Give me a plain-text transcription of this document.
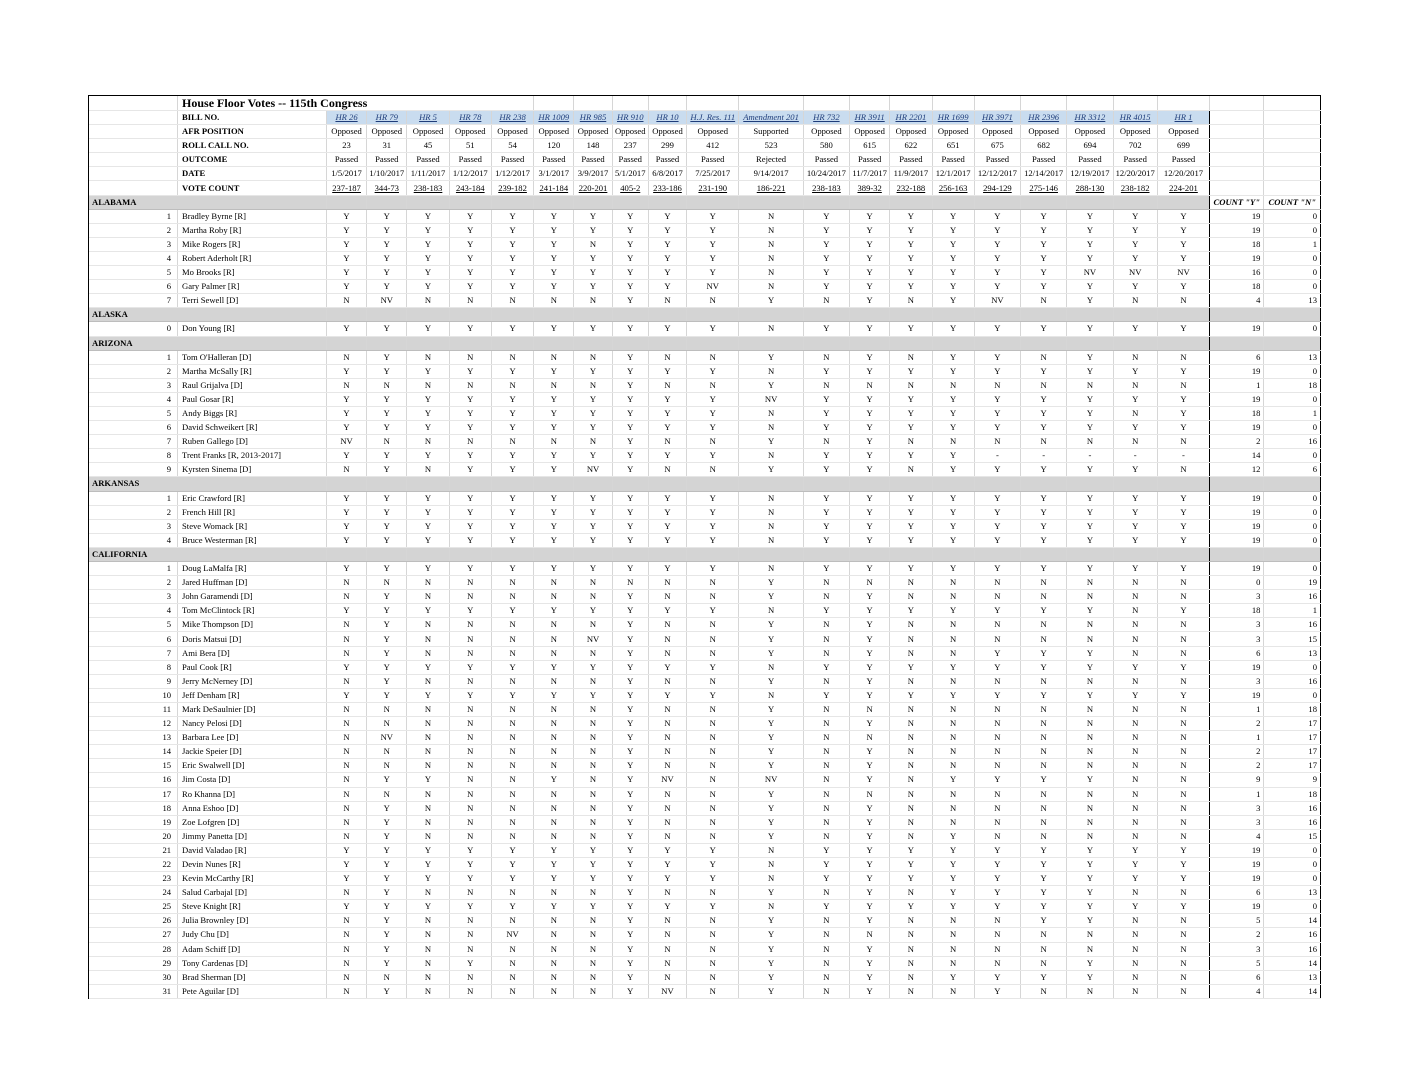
	House Floor Votes -- 115th Congress																						
	BILL NO.	HR 26	HR 79	HR 5	HR 78	HR 238	HR 1009	HR 985	HR 910	HR 10	H.J. Res. 111	Amendment 201	HR 732	HR 3911	HR 2201	HR 1699	HR 3971	HR 2396	HR 3312	HR 4015	HR 1		
	AFR POSITION	Opposed	Opposed	Opposed	Opposed	Opposed	Opposed	Opposed	Opposed	Opposed	Opposed	Supported	Opposed	Opposed	Opposed	Opposed	Opposed	Opposed	Opposed	Opposed	Opposed		
	ROLL CALL NO.	23	31	45	51	54	120	148	237	299	412	523	580	615	622	651	675	682	694	702	699		
	OUTCOME	Passed	Passed	Passed	Passed	Passed	Passed	Passed	Passed	Passed	Passed	Rejected	Passed	Passed	Passed	Passed	Passed	Passed	Passed	Passed	Passed		
	DATE	1/5/2017	1/10/2017	1/11/2017	1/12/2017	1/12/2017	3/1/2017	3/9/2017	5/1/2017	6/8/2017	7/25/2017	9/14/2017	10/24/2017	11/7/2017	11/9/2017	12/1/2017	12/12/2017	12/14/2017	12/19/2017	12/20/2017	12/20/2017		
	VOTE COUNT	237-187	344-73	238-183	243-184	239-182	241-184	220-201	405-2	233-186	231-190	186-221	238-183	389-32	232-188	256-163	294-129	275-146	288-130	238-182	224-201		
ALABAMA																						COUNT "Y"	COUNT "N"
1	Bradley Byrne [R]	Y	Y	Y	Y	Y	Y	Y	Y	Y	Y	N	Y	Y	Y	Y	Y	Y	Y	Y	Y	19	0
2	Martha Roby [R]	Y	Y	Y	Y	Y	Y	Y	Y	Y	Y	N	Y	Y	Y	Y	Y	Y	Y	Y	Y	19	0
3	Mike Rogers [R]	Y	Y	Y	Y	Y	Y	N	Y	Y	Y	N	Y	Y	Y	Y	Y	Y	Y	Y	Y	18	1
4	Robert Aderholt [R]	Y	Y	Y	Y	Y	Y	Y	Y	Y	Y	N	Y	Y	Y	Y	Y	Y	Y	Y	Y	19	0
5	Mo Brooks [R]	Y	Y	Y	Y	Y	Y	Y	Y	Y	Y	N	Y	Y	Y	Y	Y	Y	NV	NV	NV	16	0
6	Gary Palmer [R]	Y	Y	Y	Y	Y	Y	Y	Y	Y	NV	N	Y	Y	Y	Y	Y	Y	Y	Y	Y	18	0
7	Terri Sewell [D]	N	NV	N	N	N	N	N	Y	N	N	Y	N	Y	N	Y	NV	N	Y	N	N	4	13
ALASKA																							
0	Don Young [R]	Y	Y	Y	Y	Y	Y	Y	Y	Y	Y	N	Y	Y	Y	Y	Y	Y	Y	Y	Y	19	0
ARIZONA																							
1	Tom O'Halleran [D]	N	Y	N	N	N	N	N	Y	N	N	Y	N	Y	N	Y	Y	N	Y	N	N	6	13
2	Martha McSally [R]	Y	Y	Y	Y	Y	Y	Y	Y	Y	Y	N	Y	Y	Y	Y	Y	Y	Y	Y	Y	19	0
3	Raul Grijalva [D]	N	N	N	N	N	N	N	Y	N	N	Y	N	N	N	N	N	N	N	N	N	1	18
4	Paul Gosar [R]	Y	Y	Y	Y	Y	Y	Y	Y	Y	Y	NV	Y	Y	Y	Y	Y	Y	Y	Y	Y	19	0
5	Andy Biggs [R]	Y	Y	Y	Y	Y	Y	Y	Y	Y	Y	N	Y	Y	Y	Y	Y	Y	Y	N	Y	18	1
6	David Schweikert [R]	Y	Y	Y	Y	Y	Y	Y	Y	Y	Y	N	Y	Y	Y	Y	Y	Y	Y	Y	Y	19	0
7	Ruben Gallego [D]	NV	N	N	N	N	N	N	Y	N	N	Y	N	Y	N	N	N	N	N	N	N	2	16
8	Trent Franks [R, 2013-2017]	Y	Y	Y	Y	Y	Y	Y	Y	Y	Y	N	Y	Y	Y	Y	-	-	-	-	-	14	0
9	Kyrsten Sinema [D]	N	Y	N	Y	Y	Y	NV	Y	N	N	Y	Y	Y	N	Y	Y	Y	Y	Y	N	12	6
ARKANSAS																							
1	Eric Crawford [R]	Y	Y	Y	Y	Y	Y	Y	Y	Y	Y	N	Y	Y	Y	Y	Y	Y	Y	Y	Y	19	0
2	French Hill [R]	Y	Y	Y	Y	Y	Y	Y	Y	Y	Y	N	Y	Y	Y	Y	Y	Y	Y	Y	Y	19	0
3	Steve Womack [R]	Y	Y	Y	Y	Y	Y	Y	Y	Y	Y	N	Y	Y	Y	Y	Y	Y	Y	Y	Y	19	0
4	Bruce Westerman [R]	Y	Y	Y	Y	Y	Y	Y	Y	Y	Y	N	Y	Y	Y	Y	Y	Y	Y	Y	Y	19	0
CALIFORNIA																							
1	Doug LaMalfa [R]	Y	Y	Y	Y	Y	Y	Y	Y	Y	Y	N	Y	Y	Y	Y	Y	Y	Y	Y	Y	19	0
2	Jared Huffman [D]	N	N	N	N	N	N	N	N	N	N	Y	N	N	N	N	N	N	N	N	N	0	19
3	John Garamendi [D]	N	Y	N	N	N	N	N	Y	N	N	Y	N	Y	N	N	N	N	N	N	N	3	16
4	Tom McClintock [R]	Y	Y	Y	Y	Y	Y	Y	Y	Y	Y	N	Y	Y	Y	Y	Y	Y	Y	N	Y	18	1
5	Mike Thompson [D]	N	Y	N	N	N	N	N	Y	N	N	Y	N	Y	N	N	N	N	N	N	N	3	16
6	Doris Matsui [D]	N	Y	N	N	N	N	NV	Y	N	N	Y	N	Y	N	N	N	N	N	N	N	3	15
7	Ami Bera [D]	N	Y	N	N	N	N	N	Y	N	N	Y	N	Y	N	N	Y	Y	Y	N	N	6	13
8	Paul Cook [R]	Y	Y	Y	Y	Y	Y	Y	Y	Y	Y	N	Y	Y	Y	Y	Y	Y	Y	Y	Y	19	0
9	Jerry McNerney [D]	N	Y	N	N	N	N	N	Y	N	N	Y	N	Y	N	N	N	N	N	N	N	3	16
10	Jeff Denham [R]	Y	Y	Y	Y	Y	Y	Y	Y	Y	Y	N	Y	Y	Y	Y	Y	Y	Y	Y	Y	19	0
11	Mark DeSaulnier [D]	N	N	N	N	N	N	N	Y	N	N	Y	N	N	N	N	N	N	N	N	N	1	18
12	Nancy Pelosi [D]	N	N	N	N	N	N	N	Y	N	N	Y	N	Y	N	N	N	N	N	N	N	2	17
13	Barbara Lee [D]	N	NV	N	N	N	N	N	Y	N	N	Y	N	N	N	N	N	N	N	N	N	1	17
14	Jackie Speier [D]	N	N	N	N	N	N	N	Y	N	N	Y	N	Y	N	N	N	N	N	N	N	2	17
15	Eric Swalwell [D]	N	N	N	N	N	N	N	Y	N	N	Y	N	Y	N	N	N	N	N	N	N	2	17
16	Jim Costa [D]	N	Y	Y	N	N	Y	N	Y	NV	N	NV	N	Y	N	Y	Y	Y	Y	N	N	9	9
17	Ro Khanna [D]	N	N	N	N	N	N	N	Y	N	N	Y	N	N	N	N	N	N	N	N	N	1	18
18	Anna Eshoo [D]	N	Y	N	N	N	N	N	Y	N	N	Y	N	Y	N	N	N	N	N	N	N	3	16
19	Zoe Lofgren [D]	N	Y	N	N	N	N	N	Y	N	N	Y	N	Y	N	N	N	N	N	N	N	3	16
20	Jimmy Panetta [D]	N	Y	N	N	N	N	N	Y	N	N	Y	N	Y	N	Y	N	N	N	N	N	4	15
21	David Valadao [R]	Y	Y	Y	Y	Y	Y	Y	Y	Y	Y	N	Y	Y	Y	Y	Y	Y	Y	Y	Y	19	0
22	Devin Nunes [R]	Y	Y	Y	Y	Y	Y	Y	Y	Y	Y	N	Y	Y	Y	Y	Y	Y	Y	Y	Y	19	0
23	Kevin McCarthy [R]	Y	Y	Y	Y	Y	Y	Y	Y	Y	Y	N	Y	Y	Y	Y	Y	Y	Y	Y	Y	19	0
24	Salud Carbajal [D]	N	Y	N	N	N	N	N	Y	N	N	Y	N	Y	N	Y	Y	Y	Y	N	N	6	13
25	Steve Knight [R]	Y	Y	Y	Y	Y	Y	Y	Y	Y	Y	N	Y	Y	Y	Y	Y	Y	Y	Y	Y	19	0
26	Julia Brownley [D]	N	Y	N	N	N	N	N	Y	N	N	Y	N	Y	N	N	N	Y	Y	N	N	5	14
27	Judy Chu [D]	N	Y	N	N	NV	N	N	Y	N	N	Y	N	N	N	N	N	N	N	N	N	2	16
28	Adam Schiff [D]	N	Y	N	N	N	N	N	Y	N	N	Y	N	Y	N	N	N	N	N	N	N	3	16
29	Tony Cardenas [D]	N	Y	N	Y	N	N	N	Y	N	N	Y	N	Y	N	N	N	N	Y	N	N	5	14
30	Brad Sherman [D]	N	N	N	N	N	N	N	Y	N	N	Y	N	Y	N	Y	Y	Y	Y	N	N	6	13
31	Pete Aguilar [D]	N	Y	N	N	N	N	N	Y	NV	N	Y	N	Y	N	N	Y	N	N	N	N	4	14
